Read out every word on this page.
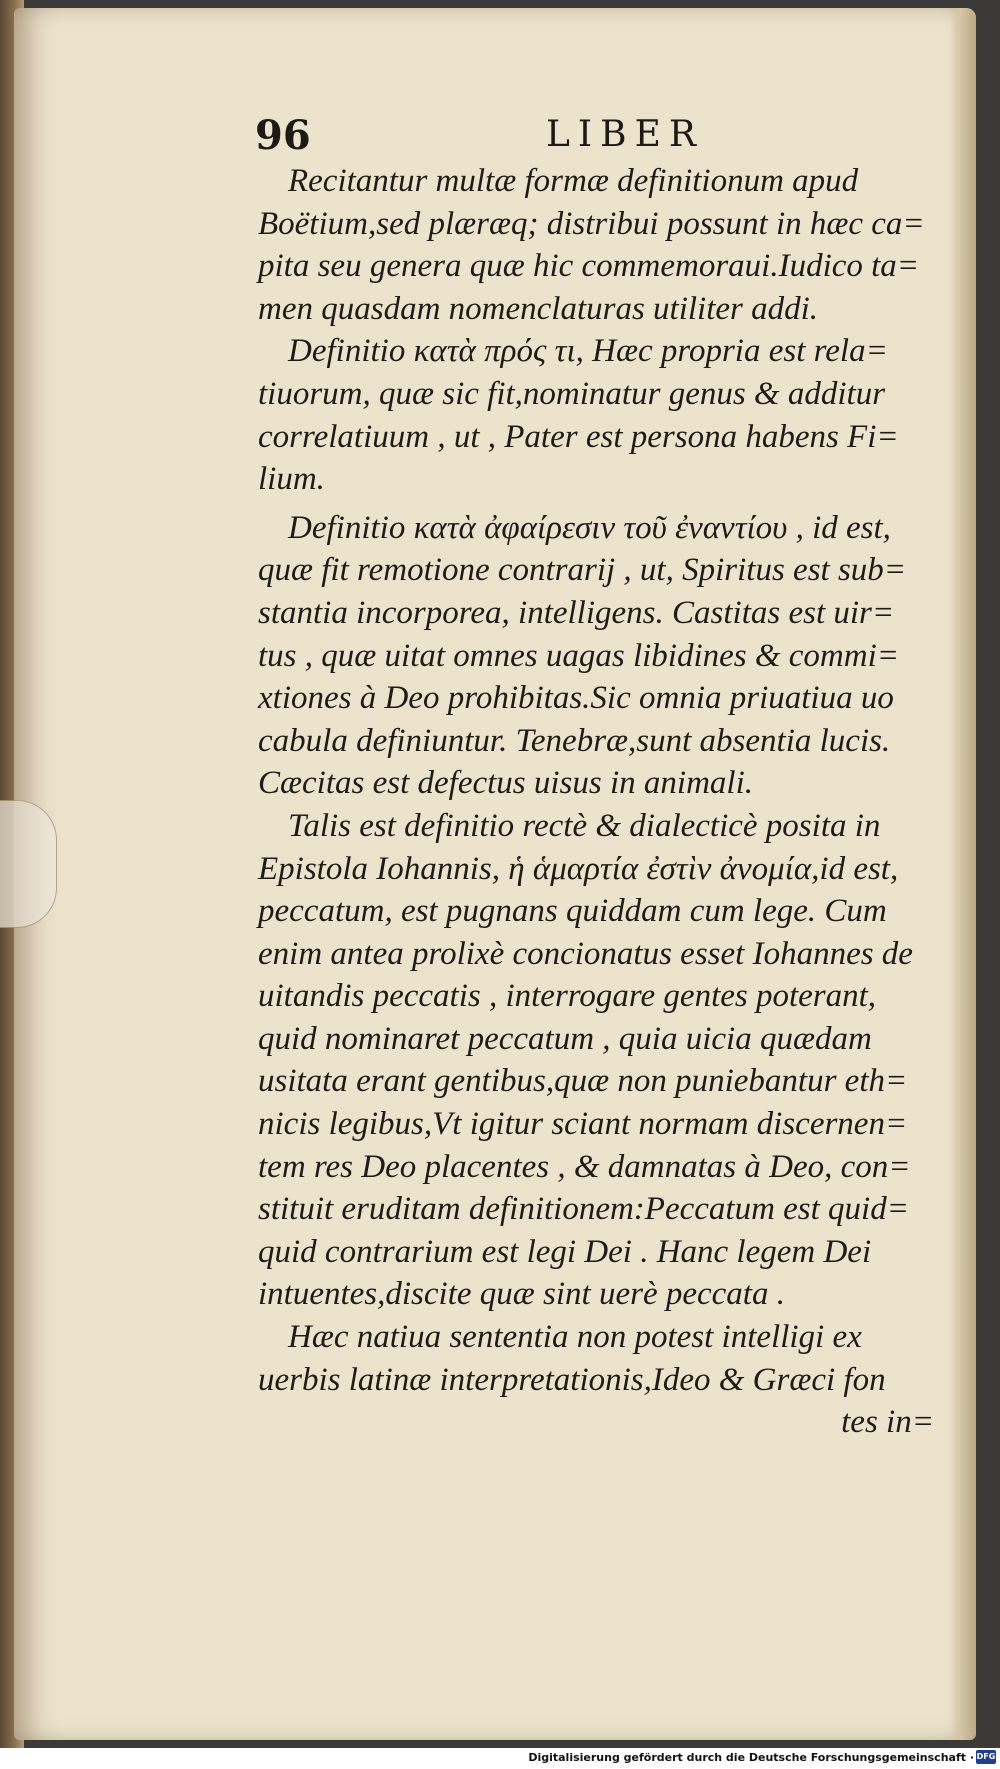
96	LIBER
Recitantur multæ formæ definitionum apud
Boëtium,sed plæræq; distribui possunt in hæc ca=
pita seu genera quæ hic commemoraui.Iudico ta=
men quasdam nomenclaturas utiliter addi.
Definitio κατὰ πρός τι, Hæc propria est rela=
tiuorum, quæ sic fit,nominatur genus & additur
correlatiuum , ut , Pater est persona habens Fi=
lium.
Definitio κατὰ ἀφαίρεσιν τοῦ ἐναντίου , id est,
quæ fit remotione contrarij , ut, Spiritus est sub=
stantia incorporea, intelligens. Castitas est uir=
tus , quæ uitat omnes uagas libidines & commi=
xtiones à Deo prohibitas.Sic omnia priuatiua uo
cabula definiuntur. Tenebræ,sunt absentia lucis.
Cæcitas est defectus uisus in animali.
Talis est definitio rectè & dialecticè posita in
Epistola Iohannis, ἡ ἁμαρτία ἐστὶν ἀνομία,id est,
peccatum, est pugnans quiddam cum lege. Cum
enim antea prolixè concionatus esset Iohannes de
uitandis peccatis , interrogare gentes poterant,
quid nominaret peccatum , quia uicia quædam
usitata erant gentibus,quæ non puniebantur eth=
nicis legibus,Vt igitur sciant normam discernen=
tem res Deo placentes , & damnatas à Deo, con=
stituit eruditam definitionem:Peccatum est quid=
quid contrarium est legi Dei . Hanc legem Dei
intuentes,discite quæ sint uerè peccata .
Hæc natiua sententia non potest intelligi ex
uerbis latinæ interpretationis,Ideo & Græci fon
tes in=
Digitalisierung gefördert durch die Deutsche Forschungsgemeinschaft · DFG
